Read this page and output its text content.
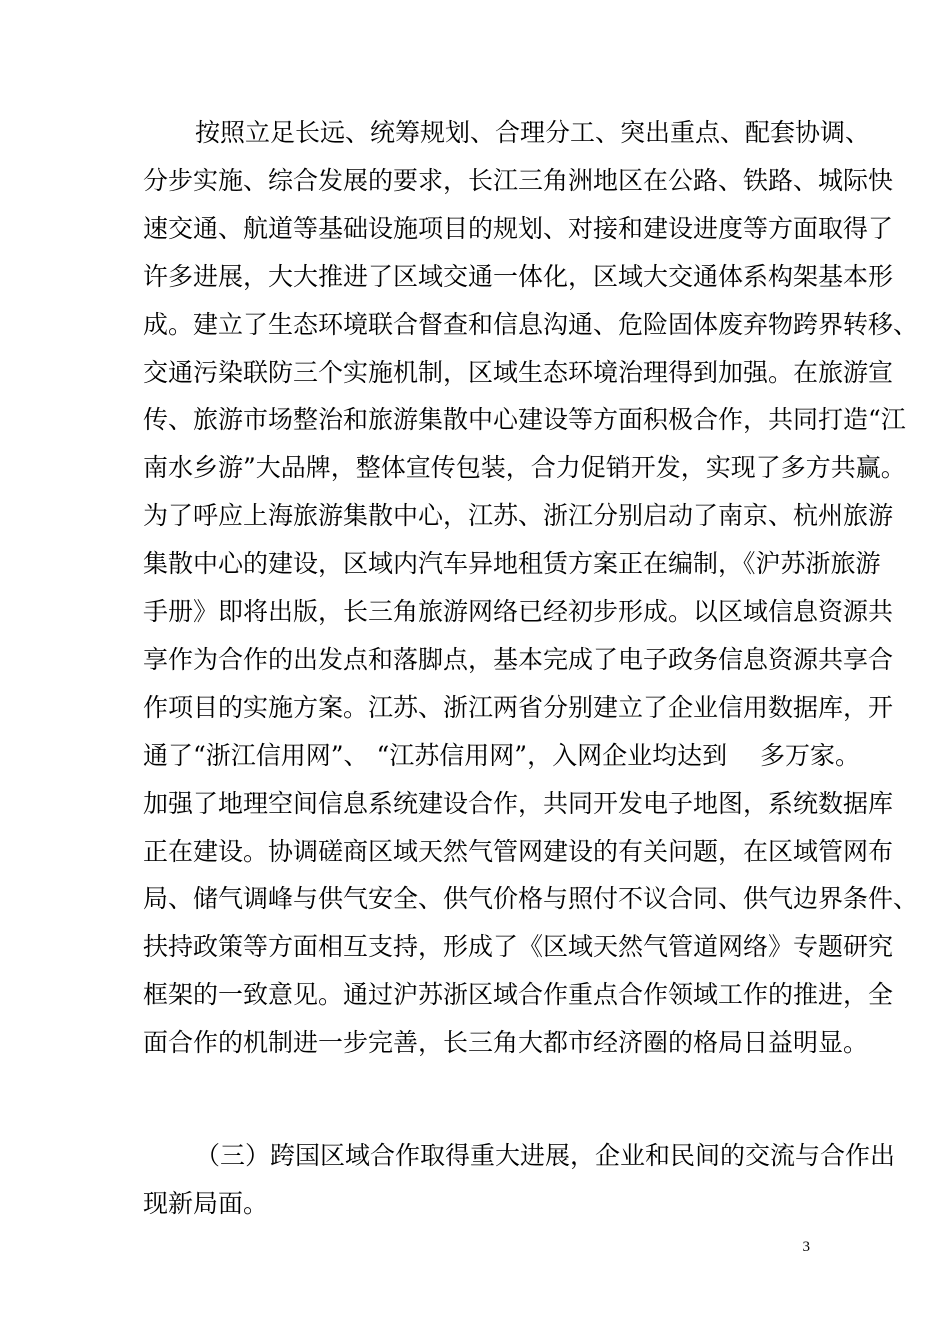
按照立足长远、统筹规划、合理分工、突出重点、配套协调、
分步实施、综合发展的要求，长江三角洲地区在公路、铁路、城际快
速交通、航道等基础设施项目的规划、对接和建设进度等方面取得了
许多进展，大大推进了区域交通一体化，区域大交通体系构架基本形
成。建立了生态环境联合督查和信息沟通、危险固体废弃物跨界转移、
交通污染联防三个实施机制，区域生态环境治理得到加强。在旅游宣
传、旅游市场整治和旅游集散中心建设等方面积极合作，共同打造“江
南水乡游”大品牌，整体宣传包装，合力促销开发，实现了多方共赢。
为了呼应上海旅游集散中心，江苏、浙江分别启动了南京、杭州旅游
集散中心的建设，区域内汽车异地租赁方案正在编制，《沪苏浙旅游
手册》即将出版，长三角旅游网络已经初步形成。以区域信息资源共
享作为合作的出发点和落脚点，基本完成了电子政务信息资源共享合
作项目的实施方案。江苏、浙江两省分别建立了企业信用数据库，开
通了“浙江信用网”、 “江苏信用网”，入网企业均达到　 多万家。
加强了地理空间信息系统建设合作，共同开发电子地图，系统数据库
正在建设。协调磋商区域天然气管网建设的有关问题，在区域管网布
局、储气调峰与供气安全、供气价格与照付不议合同、供气边界条件、
扶持政策等方面相互支持，形成了《区域天然气管道网络》专题研究
框架的一致意见。通过沪苏浙区域合作重点合作领域工作的推进，全
面合作的机制进一步完善，长三角大都市经济圈的格局日益明显。
（三）跨国区域合作取得重大进展，企业和民间的交流与合作出
现新局面。
3
